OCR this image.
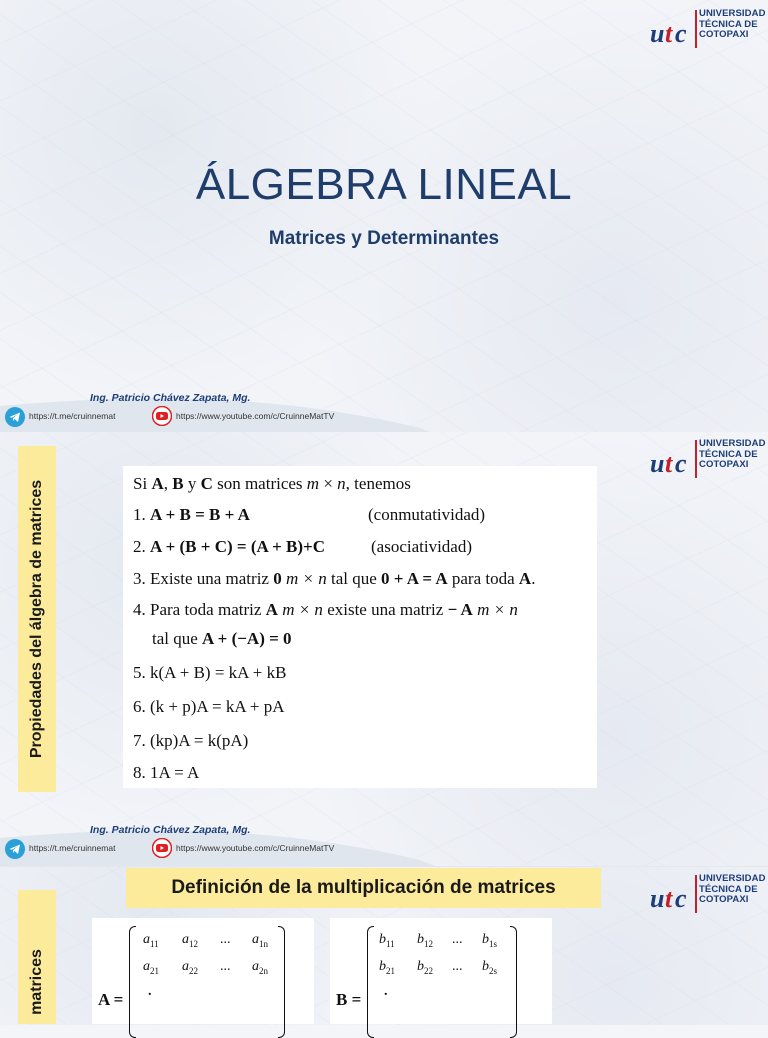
u t c
UNIVERSIDAD
TÉCNICA DE
COTOPAXI
ÁLGEBRA LINEAL
Matrices y Determinantes
Ing. Patricio Chávez Zapata, Mg.
https://t.me/cruinnemat	https://www.youtube.com/c/CruinneMatTV
u t c
UNIVERSIDAD
TÉCNICA DE
COTOPAXI
Ing. Patricio Chávez Zapata, Mg.
https://t.me/cruinnemat	https://www.youtube.com/c/CruinneMatTV
Propiedades del álgebra de matrices	Si A, B y C son matrices m × n, tenemos
1. A + B = B + A	(conmutatividad)
2. A + (B + C) = (A + B)+C	(asociatividad)
3. Existe una matriz 0 m × n tal que 0 + A = A para toda A.
4. Para toda matriz A m × n existe una matriz − A m × n
tal que A + (−A) = 0
5. k(A + B) = kA + kB
6. (k + p)A = kA + pA
7. (kp)A = k(pA)
8. 1A = A
u t c
UNIVERSIDAD
TÉCNICA DE
COTOPAXI
Definición de la multiplicación de matrices
matrices	A =
$a_{11}$ $a_{12}$ ... $a_{1n}$
$a_{21}$ $a_{22}$ ... $a_{2n}$
.	B =
$b_{11}$ $b_{12}$ ... $b_{1s}$
$b_{21}$ $b_{22}$ ... $b_{2s}$
.
